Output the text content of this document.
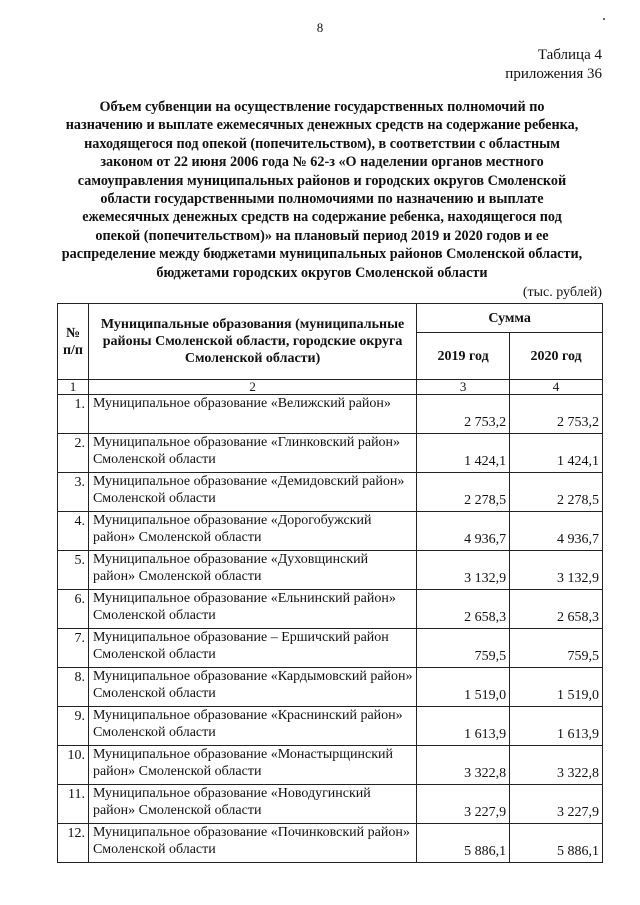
8
Таблица 4
приложения 36
Объем субвенции на осуществление государственных полномочий по назначению и выплате ежемесячных денежных средств на содержание ребенка, находящегося под опекой (попечительством), в соответствии с областным законом от 22 июня 2006 года № 62-з «О наделении органов местного самоуправления муниципальных районов и городских округов Смоленской области государственными полномочиями по назначению и выплате ежемесячных денежных средств на содержание ребенка, находящегося под опекой (попечительством)» на плановый период 2019 и 2020 годов и ее распределение между бюджетами муниципальных районов Смоленской области, бюджетами городских округов Смоленской области
(тыс. рублей)
№ п/п	Муниципальные образования (муниципальные районы Смоленской области, городские округа Смоленской области)	Сумма	
		2019 год	2020 год
1	2	3	4
1.	Муниципальное образование «Велижский район»	2 753,2	2 753,2
2.	Муниципальное образование «Глинковский район» Смоленской области	1 424,1	1 424,1
3.	Муниципальное образование «Демидовский район» Смоленской области	2 278,5	2 278,5
4.	Муниципальное образование «Дорогобужский район» Смоленской области	4 936,7	4 936,7
5.	Муниципальное образование «Духовщинский район» Смоленской области	3 132,9	3 132,9
6.	Муниципальное образование «Ельнинский район» Смоленской области	2 658,3	2 658,3
7.	Муниципальное образование – Ершичский район Смоленской области	759,5	759,5
8.	Муниципальное образование «Кардымовский район» Смоленской области	1 519,0	1 519,0
9.	Муниципальное образование «Краснинский район» Смоленской области	1 613,9	1 613,9
10.	Муниципальное образование «Монастырщинский район» Смоленской области	3 322,8	3 322,8
11.	Муниципальное образование «Новодугинский район» Смоленской области	3 227,9	3 227,9
12.	Муниципальное образование «Починковский район» Смоленской области	5 886,1	5 886,1
